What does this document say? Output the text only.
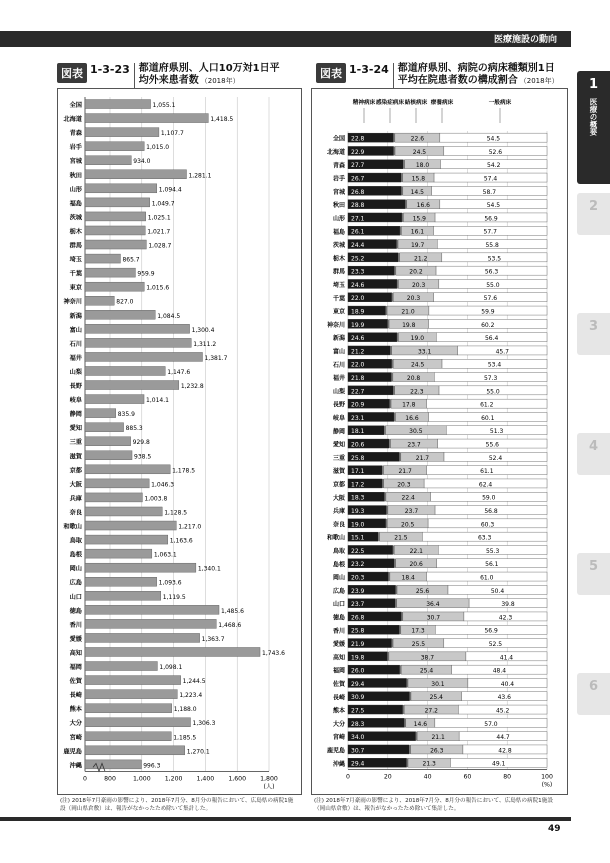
医療施設の動向
図表 1-3-23 都道府県別、人口10万対1日平
均外来患者数 （2018年）
図表 1-3-24 都道府県別、病院の病床種類別1日
平均在院患者数の構成割合 （2018年）
全国	1,055.1
北海道	1,418.5
青森	1,107.7
岩手	1,015.0
宮城	934.0
秋田	1,281.1
山形	1,094.4
福島	1,049.7
茨城	1,025.1
栃木	1,021.7
群馬	1,028.7
埼玉	865.7
千葉	959.9
東京	1,015.6
神奈川	827.0
新潟	1,084.5
富山	1,300.4
石川	1,311.2
福井	1,381.7
山梨	1,147.6
長野	1,232.8
岐阜	1,014.1
静岡	835.9
愛知	885.3
三重	929.8
滋賀	938.5
京都	1,178.5
大阪	1,046.3
兵庫	1,003.8
奈良	1,128.5
和歌山	1,217.0
鳥取	1,163.6
島根	1,063.1
岡山	1,340.1
広島	1,093.6
山口	1,119.5
徳島	1,485.6
香川	1,468.6
愛媛	1,363.7
高知	1,743.6
福岡	1,098.1
佐賀	1,244.5
長崎	1,223.4
熊本	1,188.0
大分	1,306.3
宮崎	1,185.5
鹿児島	1,270.1
沖縄	996.3
0	800	1,000 1,200 1,400 1,600 1,800
(人)
精神病床 感染症病床 結核病床 療養病床	一般病床
全国 22.8	22.6	54.5
北海道 22.9	24.5	52.6
青森 27.7	18.0	54.2
岩手 26.7	15.8	57.4
宮城 26.8	14.5	58.7
秋田 28.8	16.6	54.5
山形 27.1	15.9	56.9
福島 26.1	16.1	57.7
茨城 24.4	19.7	55.8
栃木 25.2	21.2	53.5
群馬 23.3	20.2	56.3
埼玉 24.6	20.3	55.0
千葉 22.0	20.3	57.6
東京 18.9	21.0	59.9
神奈川 19.9	19.8	60.2
新潟 24.6	19.0	56.4
富山 21.2	33.1	45.7
石川 22.0	24.5	53.4
福井 21.8	20.8	57.3
山梨 22.7	22.3	55.0
長野 20.9	17.8	61.2
岐阜 23.1	16.6	60.1
静岡 18.1	30.5	51.3
愛知 20.6	23.7	55.6
三重 25.8	21.7	52.4
滋賀 17.1	21.7	61.1
京都 17.2	20.3	62.4
大阪 18.3	22.4	59.0
兵庫 19.3	23.7	56.8
奈良 19.0	20.5	60.3
和歌山 15.1	21.5	63.3
鳥取 22.5	22.1	55.3
島根 23.2	20.6	56.1
岡山 20.3	18.4	61.0
広島 23.9	25.6	50.4
山口 23.7	36.4	39.8
徳島 26.8	30.7	42.3
香川 25.8	17.3	56.9
愛媛 21.9	25.5	52.5
高知 19.8	38.7	41.4
福岡 26.0	25.4	48.4
佐賀 29.4	30.1	40.4
長崎 30.9	25.4	43.6
熊本 27.5	27.2	45.2
大分 28.3	14.6	57.0
宮崎 34.0	21.1	44.7
鹿児島 30.7	26.3	42.8
沖縄 29.4	21.3	49.1
0	20	40	60	80	100
(%)
(注) 2018年7月豪雨の影響により、2018年7月分、8月分の報告において、広島県の病院1施設（岡山県倉敷）は、報告がなかったため除いて集計した。
(注) 2018年7月豪雨の影響により、2018年7月分、8月分の報告において、広島県の病院1施設（岡山県倉敷）は、報告がなかったため除いて集計した。
49
1
医療の概要
2
3
4
5
6
